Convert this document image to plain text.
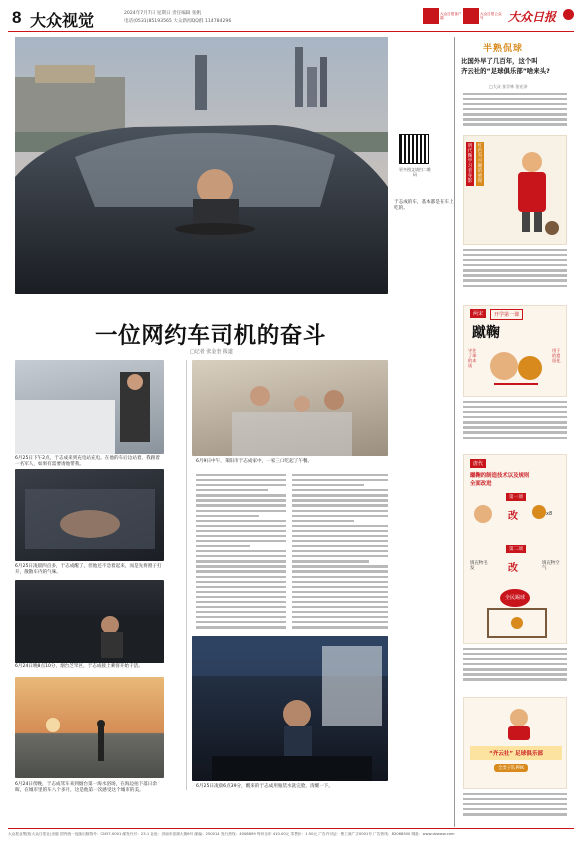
8 大众视觉	2024年7月7日 星期日 责任编辑 张帆
电话(0531)85193565 大众新闻QQ群 114784296
大众日报客户端
大众日报公众号	大众日报
更多图文请扫二维码
于志成的车，基本都是在车上吃的。
一位网约车司机的奋斗
□记者 张金奎 报道
6月25日下午2点，于志成来到充电站充电。在他的车后边站着，我跟着一名军人，如果有需要请他带我。
6月25日凌晨四点多，于志成醒了，但他还不急着起来，而是先将窗子打开，散散车内的气味。
6月24日晚8点10分，烟台芝罘区，于志成接上乘客开始干活。
6月24日傍晚，于志成驾车来到烟台第一海水浴场，在海边拍下落日余晖，在城市里的车八个多月，这是他第一次感受这个城市的美。
6月9日中午，莱阳市于志成家中，一家三口吃起了午餐。
6月25日凌晨6点39分，醒来的于志成用瓶装水洗完脸，清醒一下。
半熟侃球
比国外早了几百年，这个叫
齐云社的“足球俱乐部”啥来头?
□大众 张学林 张宏泽
明代鞠学习者身影
红色为兴趣的重现
两宋	开学第一课
蹴鞠
守住了球的本质
用于的遗留化
唐代
蹴鞠的制造技术以及规则
全面改进
第一项
改	x8
第二项
填充物毛发	改	填充物空气
全民踢球
“齐云社” 足球俱乐部
全类子队PRK
大众报业集团(大众日报社)出版 国内统一连续出版物号：CN37-0001 邮发代号：23-1 社址：济南市泺源大街6号 邮编：250014 发行热线：4006899 每份全年 410.00元 零售价：1.50元 广告许可证：鲁工商广字0001号 广告热线：82068500 网址：www.dzwww.com
